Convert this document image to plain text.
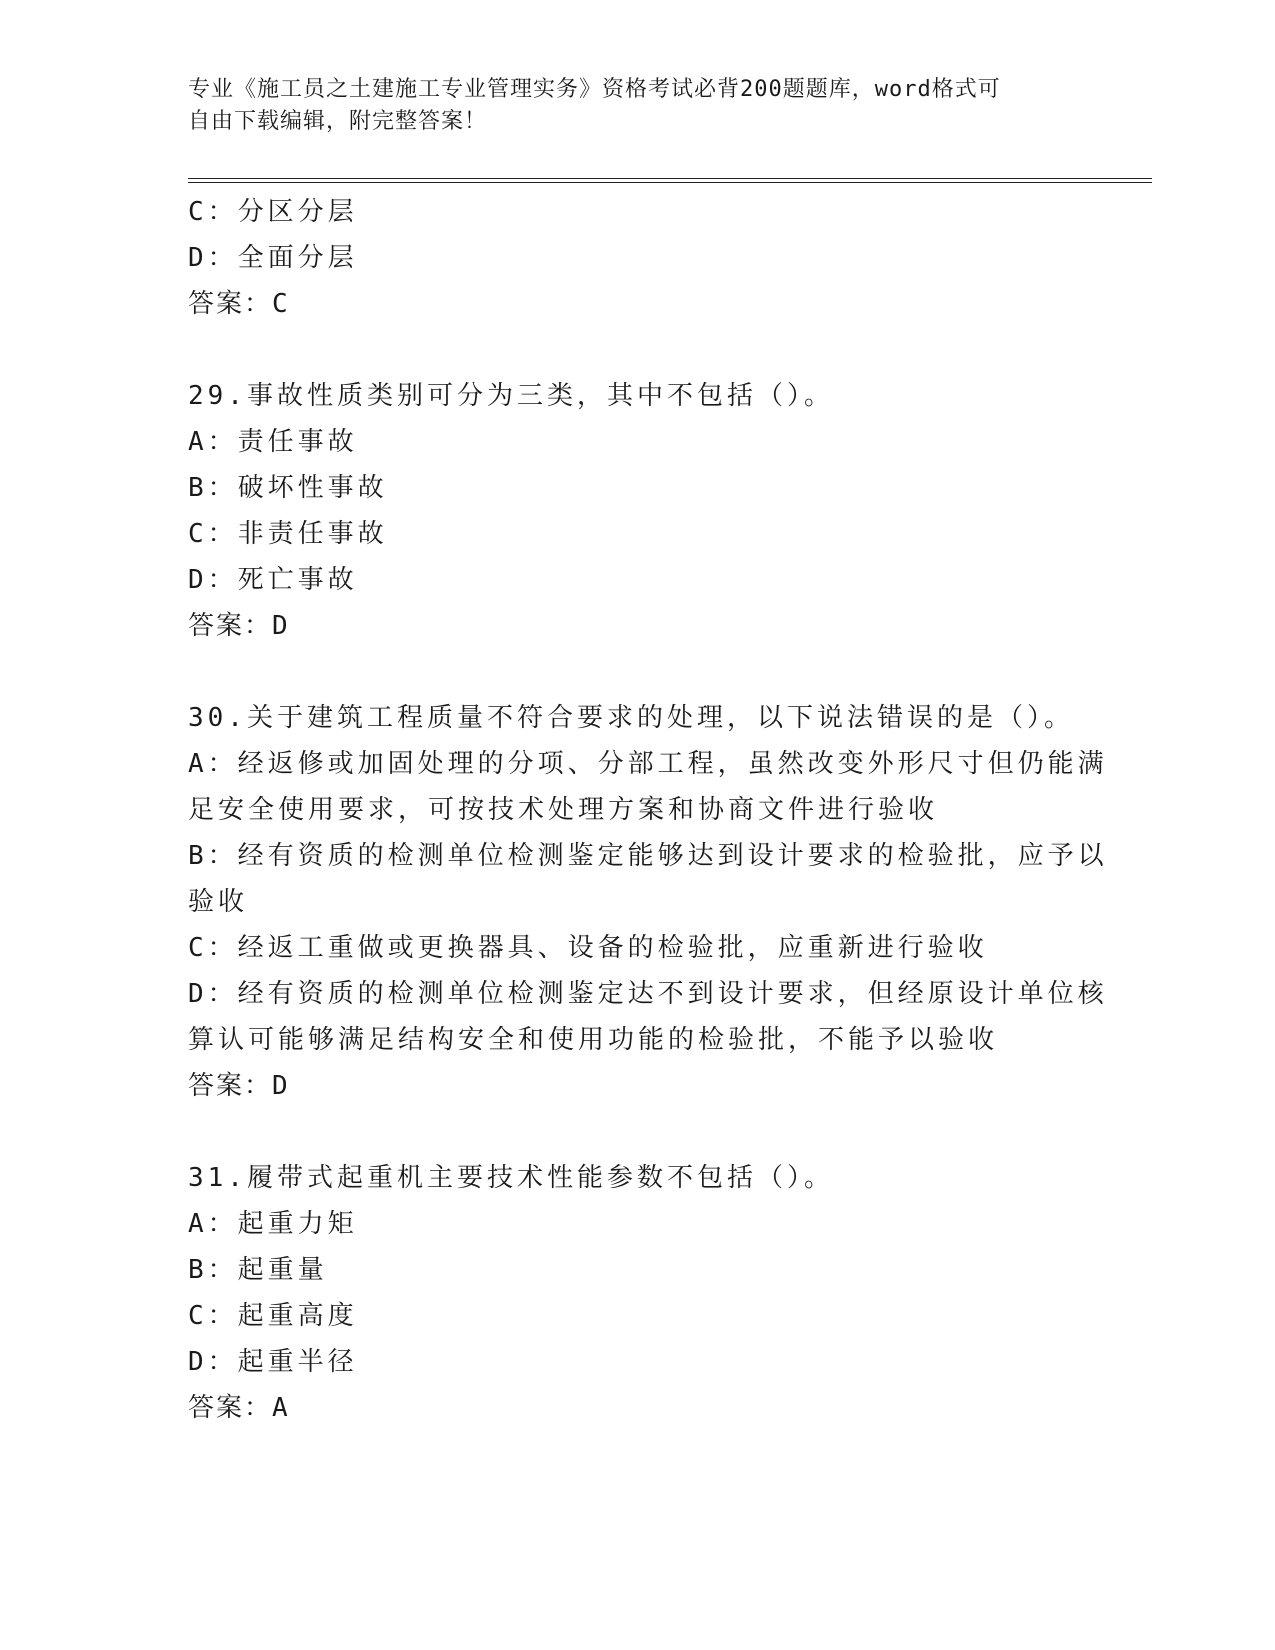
专业《施工员之土建施工专业管理实务》资格考试必背200题题库，word格式可
自由下载编辑，附完整答案！
C：分区分层
D：全面分层
答案：C
29.事故性质类别可分为三类，其中不包括（）。
A：责任事故
B：破坏性事故
C：非责任事故
D：死亡事故
答案：D
30.关于建筑工程质量不符合要求的处理，以下说法错误的是（）。
A：经返修或加固处理的分项、分部工程，虽然改变外形尺寸但仍能满
足安全使用要求，可按技术处理方案和协商文件进行验收
B：经有资质的检测单位检测鉴定能够达到设计要求的检验批，应予以
验收
C：经返工重做或更换器具、设备的检验批，应重新进行验收
D：经有资质的检测单位检测鉴定达不到设计要求，但经原设计单位核
算认可能够满足结构安全和使用功能的检验批，不能予以验收
答案：D
31.履带式起重机主要技术性能参数不包括（）。
A：起重力矩
B：起重量
C：起重高度
D：起重半径
答案：A
